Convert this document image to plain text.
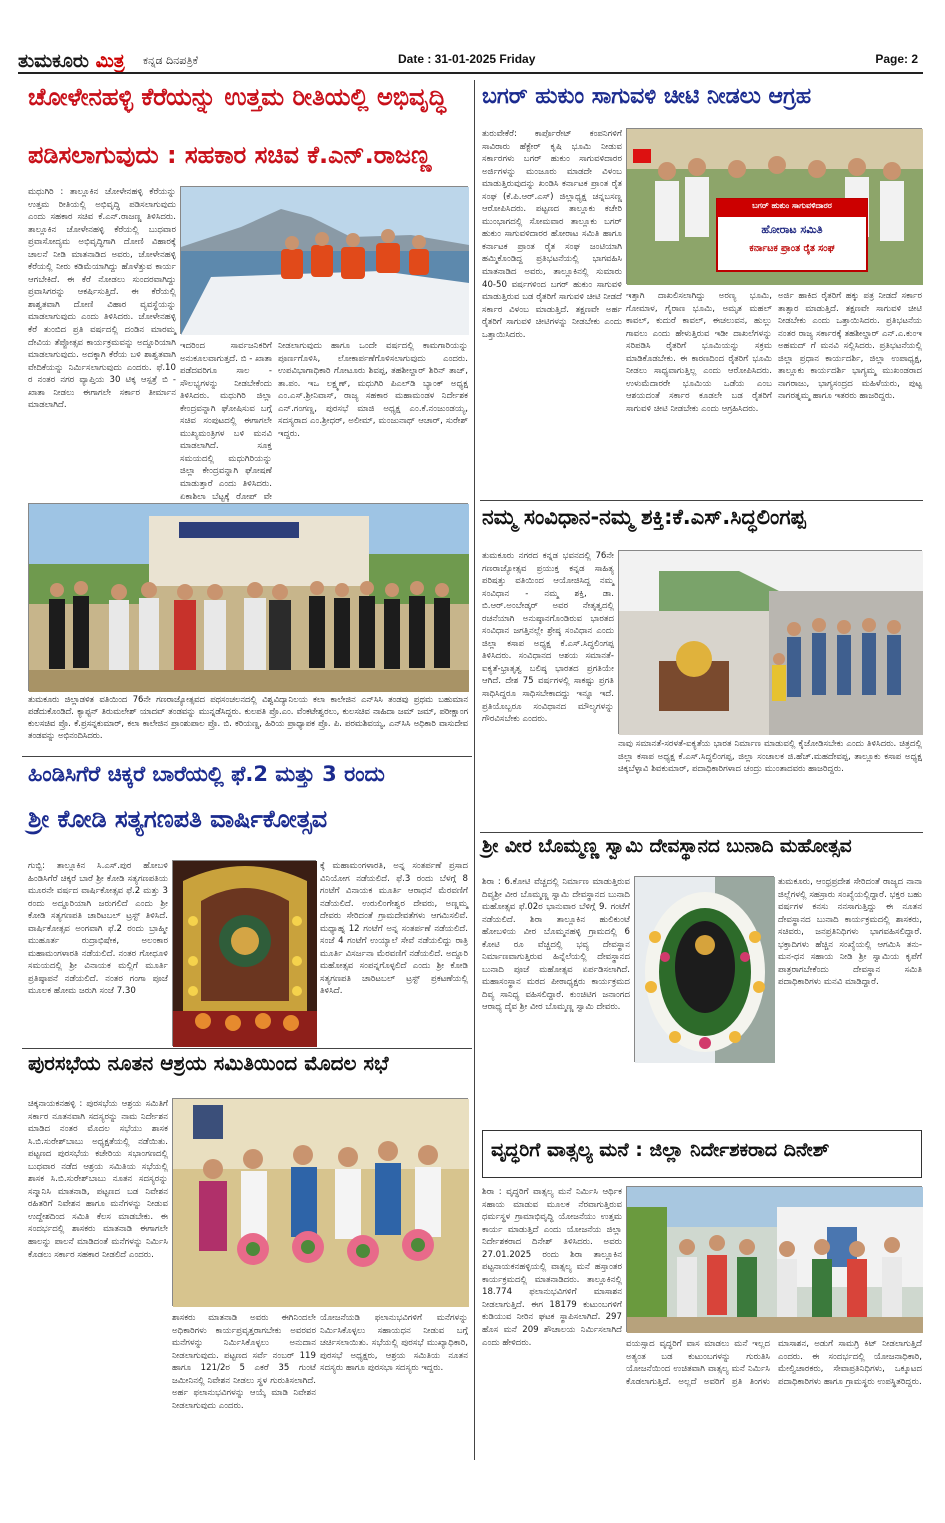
ತುಮಕೂರು ಮಿತ್ರ ಕನ್ನಡ ದಿನಪತ್ರಿಕೆ	Date : 31-01-2025 Friday	Page: 2
ಚೋಳೇನಹಳ್ಳಿ ಕೆರೆಯನ್ನು ಉತ್ತಮ ರೀತಿಯಲ್ಲಿ ಅಭಿವೃದ್ಧಿ
ಪಡಿಸಲಾಗುವುದು : ಸಹಕಾರ ಸಚಿವ ಕೆ.ಎನ್.ರಾಜಣ್ಣ
ಮಧುಗಿರಿ : ತಾಲ್ಲೂಕಿನ ಚೋಳೇನಹಳ್ಳಿ ಕೆರೆಯನ್ನು ಉತ್ತಮ ರೀತಿಯಲ್ಲಿ ಅಭಿವೃದ್ಧಿ ಪಡಿಸಲಾಗುವುದು ಎಂದು ಸಹಕಾರ ಸಚಿವ ಕೆ.ಎನ್.ರಾಜಣ್ಣ ತಿಳಿಸಿದರು. ತಾಲ್ಲೂಕಿನ ಚೋಳೇನಹಳ್ಳಿ ಕೆರೆಯಲ್ಲಿ ಬುಧವಾರ ಪ್ರವಾಸೋದ್ಯಮ ಅಭಿವೃದ್ಧಿಗಾಗಿ ದೋಣಿ ವಿಹಾರಕ್ಕೆ ಚಾಲನೆ ನೀಡಿ ಮಾತನಾಡಿದ ಅವರು, ಚೋಳೇನಹಳ್ಳಿ ಕೆರೆಯಲ್ಲಿ ನೀರು ಕಡಿಮೆಯಾಗಿದ್ದು ಹೊಳೆತ್ತುವ ಕಾರ್ಯ ಆಗಬೇಕಿದೆ. ಈ ಕೆರೆ ನೋಡಲು ಸುಂದರವಾಗಿದ್ದು ಪ್ರವಾಸಿಗರನ್ನು ಆಕರ್ಷಿಸುತ್ತಿದೆ. ಈ ಕೆರೆಯಲ್ಲಿ ಶಾಶ್ವತವಾಗಿ ದೋಣಿ ವಿಹಾರ ವ್ಯವಸ್ಥೆಯನ್ನು ಮಾಡಲಾಗುವುದು ಎಂದು ತಿಳಿಸಿದರು. ಚೋಳೇನಹಳ್ಳಿ ಕೆರೆ ತುಂಬಿದ ಪ್ರತಿ ವರ್ಷದಲ್ಲಿ ದಂಡಿನ ಮಾರಮ್ಮ ದೇವಿಯ ತೆಪ್ಪೋತ್ಸವ ಕಾರ್ಯಕ್ರಮವನ್ನು ಅದ್ದೂರಿಯಾಗಿ ಮಾಡಲಾಗುವುದು. ಅದಕ್ಕಾಗಿ ಕೆರೆಯ ಬಳಿ ಶಾಶ್ವತವಾಗಿ ವೇದಿಕೆಯನ್ನು ನಿರ್ಮಿಸಲಾಗುವುದು ಎಂದರು. ಫೆ.10 ರ ನಂತರ ನಗರ ವ್ಯಾಪ್ತಿಯ 30 ಟಿಕ್ಕ ಆಸ್ಪತ್ರೆ ಬಿ - ಖಾತಾ ನೀಡಲು ಈಗಾಗಲೇ ಸರ್ಕಾರ ತೀರ್ಮಾನ ಮಾಡಲಾಗಿದೆ.
ಇದರಿಂದ ಸಾರ್ವಜನಿಕರಿಗೆ ಅನುಕೂಲವಾಗುತ್ತದೆ. ಬಿ - ಖಾತಾ ಪಡೆದವರಿಗೂ ಸಾಲ - ಸೌಲಭ್ಯಗಳನ್ನು ನೀಡಬೇಕೆಂದು ತಿಳಿಸಿದರು. ಮಧುಗಿರಿ ಜಿಲ್ಲಾ ಕೇಂದ್ರವನ್ನಾಗಿ ಘೋಷಿಸುವ ಬಗ್ಗೆ ಸಚಿವ ಸಂಪುಟದಲ್ಲಿ ಈಗಾಗಲೇ ಮುಖ್ಯಮಂತ್ರಿಗಳ ಬಳಿ ಮನವಿ ಮಾಡಲಾಗಿದೆ. ಸೂಕ್ತ ಸಮಯದಲ್ಲಿ ಮಧುಗಿರಿಯನ್ನು ಜಿಲ್ಲಾ ಕೇಂದ್ರವನ್ನಾಗಿ ಘೋಷಣೆ ಮಾಡುತ್ತಾರೆ ಎಂದು ತಿಳಿಸಿದರು. ಏಕಾಶಿಲಾ ಬೆಟ್ಟಕ್ಕೆ ರೋಪ್ ವೇ
ನೀಡಲಾಗುವುದು ಹಾಗೂ ಒಂದೇ ವರ್ಷದಲ್ಲಿ ಕಾಮಗಾರಿಯನ್ನು ಪೂರ್ಣಗೊಳಿಸಿ, ಲೋಕಾರ್ಪಣೆಗೊಳಿಸಲಾಗುವುದು ಎಂದರು. ಉಪವಿಭಾಗಾಧಿಕಾರಿ ಗೋಟೂರು ಶಿವಪ್ಪ, ತಹಶೀಲ್ದಾರ್ ಶಿರಿನ್ ತಾಜ್, ತಾ.ಪಂ. ಇಒ ಲಕ್ಷ್ಮಣ್, ಮಧುಗಿರಿ ಪಿಎಲ್‌ಡಿ ಬ್ಯಾಂಕ್ ಅಧ್ಯಕ್ಷ ಎಂ.ಎಸ್.ಶ್ರೀನಿವಾಸ್, ರಾಜ್ಯ ಸಹಕಾರ ಮಹಾಮಂಡಳ ನಿರ್ದೇಶಕ ಎನ್.ಗಂಗಣ್ಣ, ಪುರಸಭೆ ಮಾಜಿ ಅಧ್ಯಕ್ಷ ಎಂ.ಕೆ.ನಂಜುಂಡಯ್ಯ, ಸದಸ್ಯರಾದ ಎಂ.ಶ್ರೀಧರ್, ಅಲೀಮ್, ಮಂಜುನಾಥ್ ಆಚಾರ್, ಸುರೇಶ್ ಇದ್ದರು.
ತುಮಕೂರು ಜಿಲ್ಲಾಡಳಿತ ವತಿಯಿಂದ 76ನೇ ಗಣರಾಜ್ಯೋತ್ಸವದ ಪಥಸಂಚಲನದಲ್ಲಿ ವಿಶ್ವವಿದ್ಯಾನಿಲಯ ಕಲಾ ಕಾಲೇಜಿನ ಎನ್‌ಸಿಸಿ ತಂಡವು ಪ್ರಥಮ ಬಹುಮಾನ ಪಡೆದುಕೊಂಡಿದೆ. ಕ್ಯಾಪ್ಟನ್ ತಿರುಮಲೇಶ್ ಯಾದವ್ ತಂಡವನ್ನು ಮುನ್ನಡೆಸಿದ್ದರು. ಕುಲಪತಿ ಪ್ರೊ.ಎಂ. ವೆಂಕಟೇಶ್ವರಲು, ಕುಲಸಚಿವ ನಾಹಿದಾ ಜಮ್ ಜಮ್, ಪರೀಕ್ಷಾಂಗ ಕುಲಸಚಿವ ಪ್ರೊ. ಕೆ.ಪ್ರಸನ್ನಕುಮಾರ್, ಕಲಾ ಕಾಲೇಜಿನ ಪ್ರಾಂಶುಪಾಲ ಪ್ರೊ. ಬಿ. ಕರಿಯಣ್ಣ, ಹಿರಿಯ ಪ್ರಾಧ್ಯಾಪಕ ಪ್ರೊ. ಪಿ. ಪರಮಶಿವಯ್ಯ, ಎನ್‌ಸಿಸಿ ಅಧಿಕಾರಿ ವಾಸುದೇವ ತಂಡವನ್ನು ಅಭಿನಂದಿಸಿದರು.
ಬಗರ್ ಹುಕುಂ ಸಾಗುವಳಿ ಚೀಟಿ ನೀಡಲು ಆಗ್ರಹ
ತುರುವೇಕೆರೆ: ಕಾರ್ಪೊರೇಟ್ ಕಂಪನಿಗಳಿಗೆ ಸಾವಿರಾರು ಹೆಕ್ಟೇರ್ ಕೃಷಿ ಭೂಮಿ ನೀಡುವ ಸರ್ಕಾರಗಳು ಬಗರ್ ಹುಕುಂ ಸಾಗುವಳಿದಾರರ ಅರ್ಜಿಗಳನ್ನು ಮಂಜೂರು ಮಾಡದೇ ವಿಳಂಬ ಮಾಡುತ್ತಿರುವುದನ್ನು ಖಂಡಿಸಿ ಕರ್ನಾಟಕ ಪ್ರಾಂತ ರೈತ ಸಂಘ (ಕೆ.ಪಿ.ಆರ್.ಎಸ್) ಜಿಲ್ಲಾಧ್ಯಕ್ಷ ಚನ್ನಬಸಣ್ಣ ಆರೋಪಿಸಿದರು. ಪಟ್ಟಣದ ತಾಲ್ಲೂಕು ಕಚೇರಿ ಮುಂಭಾಗದಲ್ಲಿ ಸೋಮವಾರ ತಾಲ್ಲೂಕು ಬಗರ್ ಹುಕುಂ ಸಾಗುವಳಿದಾರರ ಹೋರಾಟ ಸಮಿತಿ ಹಾಗೂ ಕರ್ನಾಟಕ ಪ್ರಾಂತ ರೈತ ಸಂಘ ಜಂಟಿಯಾಗಿ ಹಮ್ಮಿಕೊಂಡಿದ್ದ ಪ್ರತಿಭಟನೆಯಲ್ಲಿ ಭಾಗವಹಿಸಿ ಮಾತನಾಡಿದ ಅವರು, ತಾಲ್ಲೂಕಿನಲ್ಲಿ ಸುಮಾರು 40-50 ವರ್ಷಗಳಿಂದ ಬಗರ್ ಹುಕುಂ ಸಾಗುವಳಿ ಮಾಡುತ್ತಿರುವ ಬಡ ರೈತರಿಗೆ ಸಾಗುವಳಿ ಚೀಟಿ ನೀಡದೆ ಸರ್ಕಾರ ವಿಳಂಬ ಮಾಡುತ್ತಿದೆ. ತಕ್ಷಣವೇ ಅರ್ಹ ರೈತರಿಗೆ ಸಾಗುವಳಿ ಚೀಟಿಗಳನ್ನು ನೀಡಬೇಕು ಎಂದು ಒತ್ತಾಯಿಸಿದರು.
ಬಗರ್ ಹುಕುಂ ಸಾಗುವಳಿದಾರರ
ಹೋರಾಟ ಸಮಿತಿ
ಕರ್ನಾಟಕ ಪ್ರಾಂತ ರೈತ ಸಂಘ
ಇತ್ತಾಗಿ ದಾಖಲಿಸಲಾಗಿದ್ದು ಅರಣ್ಯ ಭೂಮಿ, ಗೋಮಾಳ, ಗೈರಾಣ ಭೂಮಿ, ಅಮೃತ ಮಹಲ್ ಕಾವಲ್, ಕುದುರೆ ಕಾವಲ್, ಈಚಲುವನ, ಹುಲ್ಲು ಗಾವಲು ಎಂದು ಹೇಳುತ್ತಿರುವ ಇಡೀ ದಾಖಲೆಗಳನ್ನು ಸರಿಪಡಿಸಿ ರೈತರಿಗೆ ಭೂಮಿಯನ್ನು ಸಕ್ರಮ ಮಾಡಿಕೊಡಬೇಕು. ಈ ಕಾರಣದಿಂದ ರೈತರಿಗೆ ಭೂಮಿ ನೀಡಲು ಸಾಧ್ಯವಾಗುತ್ತಿಲ್ಲ ಎಂದು ಆರೋಪಿಸಿದರು. ಉಳುಮೆದಾರರೇ ಭೂಮಿಯ ಒಡೆಯ ಎಂಬ ಆಶಯದಂತೆ ಸರ್ಕಾರ ಕೂಡಲೇ ಬಡ ರೈತರಿಗೆ ಸಾಗುವಳಿ ಚೀಟಿ ನೀಡಬೇಕು ಎಂದು ಆಗ್ರಹಿಸಿದರು.
ಅರ್ಜಿ ಹಾಕಿದ ರೈತರಿಗೆ ಹಕ್ಕು ಪತ್ರ ನೀಡದೆ ಸರ್ಕಾರ ತಾತ್ಸಾರ ಮಾಡುತ್ತಿದೆ. ತಕ್ಷಣವೇ ಸಾಗುವಳಿ ಚೀಟಿ ನೀಡಬೇಕು ಎಂದು ಒತ್ತಾಯಿಸಿದರು. ಪ್ರತಿಭಟನೆಯ ನಂತರ ರಾಜ್ಯ ಸರ್ಕಾರಕ್ಕೆ ತಹಶೀಲ್ದಾರ್ ಎನ್.ಎ.ಕುಂಇ ಅಹಮದ್ ಗೆ ಮನವಿ ಸಲ್ಲಿಸಿದರು. ಪ್ರತಿಭಟನೆಯಲ್ಲಿ ಜಿಲ್ಲಾ ಪ್ರಧಾನ ಕಾರ್ಯದರ್ಶಿ, ಜಿಲ್ಲಾ ಉಪಾಧ್ಯಕ್ಷ, ತಾಲ್ಲೂಕು ಕಾರ್ಯದರ್ಶಿ ಭಾಗ್ಯಮ್ಮ ಮುಖಂಡರಾದ ನಾಗರಾಜು, ಭಾಗ್ಯಸಂದ್ರದ ಮಹಿಳೆಯರು, ಪುಟ್ಟ ನಾಗರತ್ನಮ್ಮ ಹಾಗೂ ಇತರರು ಹಾಜರಿದ್ದರು.
ನಮ್ಮ ಸಂವಿಧಾನ-ನಮ್ಮ ಶಕ್ತಿ:ಕೆ.ಎಸ್.ಸಿದ್ಧಲಿಂಗಪ್ಪ
ತುಮಕೂರು ನಗರದ ಕನ್ನಡ ಭವನದಲ್ಲಿ 76ನೇ ಗಣರಾಜ್ಯೋತ್ಸವ ಪ್ರಯುಕ್ತ ಕನ್ನಡ ಸಾಹಿತ್ಯ ಪರಿಷತ್ತು ವತಿಯಿಂದ ಆಯೋಜಿಸಿದ್ದ ನಮ್ಮ ಸಂವಿಧಾನ - ನಮ್ಮ ಶಕ್ತಿ, ಡಾ. ಬಿ.ಆರ್.ಅಂಬೇಡ್ಕರ್ ಅವರ ನೇತೃತ್ವದಲ್ಲಿ ರಚನೆಯಾಗಿ ಅನುಷ್ಠಾನಗೊಂಡಿರುವ ಭಾರತದ ಸಂವಿಧಾನ ಜಗತ್ತಿನಲ್ಲೇ ಶ್ರೇಷ್ಠ ಸಂವಿಧಾನ ಎಂದು ಜಿಲ್ಲಾ ಕಸಾಪ ಅಧ್ಯಕ್ಷ ಕೆ.ಎಸ್.ಸಿದ್ಧಲಿಂಗಪ್ಪ ತಿಳಿಸಿದರು. ಸಂವಿಧಾನದ ಆಶಯ ಸಮಾನತೆ-ಐಕ್ಯತೆ-ಭ್ರಾತೃತ್ವ ಬಲಿಷ್ಠ ಭಾರತದ ಪ್ರಗತಿಯೇ ಆಗಿದೆ. ದೇಶ 75 ವರ್ಷಗಳಲ್ಲಿ ಸಾಕಷ್ಟು ಪ್ರಗತಿ ಸಾಧಿಸಿದ್ದರೂ ಸಾಧಿಸಬೇಕಾದದ್ದು ಇನ್ನೂ ಇದೆ. ಪ್ರತಿಯೊಬ್ಬರೂ ಸಂವಿಧಾನದ ಮೌಲ್ಯಗಳನ್ನು ಗೌರವಿಸಬೇಕು ಎಂದರು.
ನಾವು ಸಮಾನತೆ-ಸರಳತೆ-ಐಕ್ಯತೆಯ ಭಾರತ ನಿರ್ಮಾಣ ಮಾಡುವಲ್ಲಿ ಕೈಜೋಡಿಸಬೇಕು ಎಂದು ತಿಳಿಸಿದರು. ಚಿತ್ರದಲ್ಲಿ ಜಿಲ್ಲಾ ಕಸಾಪ ಅಧ್ಯಕ್ಷ ಕೆ.ಎಸ್.ಸಿದ್ಧಲಿಂಗಪ್ಪ, ಜಿಲ್ಲಾ ಸಂಚಾಲಕ ಜಿ.ಹೆಚ್.ಮಹದೇವಪ್ಪ, ತಾಲ್ಲೂಕು ಕಸಾಪ ಅಧ್ಯಕ್ಷ ಚಿಕ್ಕಬೆಳ್ಳಾವಿ ಶಿವಕುಮಾರ್, ಪದಾಧಿಕಾರಿಗಳಾದ ಚಂದ್ರು ಮುಂತಾದವರು ಹಾಜರಿದ್ದರು.
ಹಿಂಡಿಸಿಗೆರೆ ಚಿಕ್ಕರೆ ಬಾರೆಯಲ್ಲಿ ಫೆ.2 ಮತ್ತು 3 ರಂದು
ಶ್ರೀ ಕೋಡಿ ಸತ್ಯಗಣಪತಿ ವಾರ್ಷಿಕೋತ್ಸವ
ಗುಬ್ಬಿ: ತಾಲ್ಲೂಕಿನ ಸಿ.ಎಸ್.ಪುರ ಹೋಬಳಿ ಹಿಂಡಿಸಿಗೆರೆ ಚಿಕ್ಕರೆ ಬಾರೆ ಶ್ರೀ ಕೋಡಿ ಸತ್ಯಗಣಪತಿಯ ಮೂರನೇ ವರ್ಷದ ವಾರ್ಷಿಕೋತ್ಸವ ಫೆ.2 ಮತ್ತು 3 ರಂದು ಅದ್ದೂರಿಯಾಗಿ ಜರುಗಲಿದೆ ಎಂದು ಶ್ರೀ ಕೋಡಿ ಸತ್ಯಗಣಪತಿ ಚಾರಿಟಬಲ್ ಟ್ರಸ್ಟ್ ತಿಳಿಸಿದೆ. ವಾರ್ಷಿಕೋತ್ಸವ ಅಂಗವಾಗಿ ಫೆ.2 ರಂದು ಬ್ರಾಹ್ಮೀ ಮುಹೂರ್ತ ರುದ್ರಾಭಿಷೇಕ, ಅಲಂಕಾರ ಮಹಾಮಂಗಳಾರತಿ ನಡೆಯಲಿದೆ. ನಂತರ ಗೋಧೂಳಿ ಸಮಯದಲ್ಲಿ ಶ್ರೀ ವಿನಾಯಕ ಮಲ್ಲಿಗೆ ಮೂರ್ತಿ ಪ್ರತಿಷ್ಠಾಪನೆ ನಡೆಯಲಿದೆ. ನಂತರ ಗಂಗಾ ಪೂಜೆ ಮೂಲಕ ಹೋಮ ಜರುಗಿ ಸಂಜೆ 7.30
ಕ್ಕೆ ಮಹಾಮಂಗಳಾರತಿ, ಅನ್ನ ಸಂತರ್ಪಣೆ ಪ್ರಸಾದ ವಿನಿಯೋಗ ನಡೆಯಲಿದೆ. ಫೆ.3 ರಂದು ಬೆಳಗ್ಗೆ 8 ಗಂಟೆಗೆ ವಿನಾಯಕ ಮೂರ್ತಿ ಆರಾಧನೆ ಮೆರವಣಿಗೆ ನಡೆಯಲಿದೆ. ಉರುಲಿಂಗೇಶ್ವರ ದೇವರು, ಅಣ್ಣಮ್ಮ ದೇವರು ಸೇರಿದಂತೆ ಗ್ರಾಮದೇವತೆಗಳು ಆಗಮಿಸಲಿವೆ. ಮಧ್ಯಾಹ್ನ 12 ಗಂಟೆಗೆ ಅನ್ನ ಸಂತರ್ಪಣೆ ನಡೆಯಲಿದೆ. ಸಂಜೆ 4 ಗಂಟೆಗೆ ಉಯ್ಯಾಲೆ ಸೇವೆ ನಡೆಯಲಿದ್ದು ರಾತ್ರಿ ಮೂರ್ತಿ ವಿಸರ್ಜನಾ ಮೆರವಣಿಗೆ ನಡೆಯಲಿದೆ. ಅದ್ದೂರಿ ಮಹೋತ್ಸವ ಸಂಪನ್ನಗೊಳ್ಳಲಿದೆ ಎಂದು ಶ್ರೀ ಕೋಡಿ ಸತ್ಯಗಣಪತಿ ಚಾರಿಟಬಲ್ ಟ್ರಸ್ಟ್ ಪ್ರಕಟಣೆಯಲ್ಲಿ ತಿಳಿಸಿದೆ.
ಶ್ರೀ ವೀರ ಬೊಮ್ಮಣ್ಣ ಸ್ವಾಮಿ ದೇವಸ್ಥಾನದ ಬುನಾದಿ ಮಹೋತ್ಸವ
ಶಿರಾ : 6.ಕೋಟಿ ವೆಚ್ಚದಲ್ಲಿ ನಿರ್ಮಾಣ ಮಾಡುತ್ತಿರುವ ದಿವ್ಯಶ್ರೀ ವೀರ ಬೊಮ್ಮಣ್ಣ ಸ್ವಾಮಿ ದೇವಸ್ಥಾನದ ಬುನಾದಿ ಮಹೋತ್ಸವ ಫೆ.02ರ ಭಾನುವಾರ ಬೆಳಿಗ್ಗೆ 9. ಗಂಟೆಗೆ ನಡೆಯಲಿದೆ. ಶಿರಾ ತಾಲ್ಲೂಕಿನ ಹುಲಿಕುಂಟೆ ಹೋಬಳಿಯ ವೀರ ಬೊಮ್ಮನಹಳ್ಳಿ ಗ್ರಾಮದಲ್ಲಿ 6 ಕೋಟಿ ರೂ ವೆಚ್ಚದಲ್ಲಿ ಭವ್ಯ ದೇವಸ್ಥಾನ ನಿರ್ಮಾಣವಾಗುತ್ತಿರುವ ಹಿನ್ನೆಲೆಯಲ್ಲಿ ದೇವಸ್ಥಾನದ ಬುನಾದಿ ಪೂಜೆ ಮಹೋತ್ಸವ ಏರ್ಪಡಿಸಲಾಗಿದೆ. ಮಹಾಸಂಸ್ಥಾನ ಮಠದ ಪೀಠಾಧ್ಯಕ್ಷರು ಕಾರ್ಯಕ್ರಮದ ದಿವ್ಯ ಸಾನಿಧ್ಯ ವಹಿಸಲಿದ್ದಾರೆ. ಕುಂಚಿಟಿಗ ಜನಾಂಗದ ಆರಾಧ್ಯ ದೈವ ಶ್ರೀ ವೀರ ಬೊಮ್ಮಣ್ಣ ಸ್ವಾಮಿ ದೇವರು.
ತುಮಕೂರು, ಆಂಧ್ರಪ್ರದೇಶ ಸೇರಿದಂತೆ ರಾಜ್ಯದ ನಾನಾ ಜಿಲ್ಲೆಗಳಲ್ಲಿ ಸಹಸ್ರಾರು ಸಂಖ್ಯೆಯಲ್ಲಿದ್ದಾರೆ. ಭಕ್ತರ ಬಹು ವರ್ಷಗಳ ಕನಸು ನನಸಾಗುತ್ತಿದ್ದು ಈ ನೂತನ ದೇವಸ್ಥಾನದ ಬುನಾದಿ ಕಾರ್ಯಕ್ರಮದಲ್ಲಿ ಶಾಸಕರು, ಸಚಿವರು, ಜನಪ್ರತಿನಿಧಿಗಳು ಭಾಗವಹಿಸಲಿದ್ದಾರೆ. ಭಕ್ತಾದಿಗಳು ಹೆಚ್ಚಿನ ಸಂಖ್ಯೆಯಲ್ಲಿ ಆಗಮಿಸಿ ತನು-ಮನ-ಧನ ಸಹಾಯ ನೀಡಿ ಶ್ರೀ ಸ್ವಾಮಿಯ ಕೃಪೆಗೆ ಪಾತ್ರರಾಗಬೇಕೆಂದು ದೇವಸ್ಥಾನ ಸಮಿತಿ ಪದಾಧಿಕಾರಿಗಳು ಮನವಿ ಮಾಡಿದ್ದಾರೆ.
ಪುರಸಭೆಯ ನೂತನ ಆಶ್ರಯ ಸಮಿತಿಯಿಂದ ಮೊದಲ ಸಭೆ
ಚಿಕ್ಕನಾಯಕನಹಳ್ಳಿ : ಪುರಸಭೆಯ ಆಶ್ರಯ ಸಮಿತಿಗೆ ಸರ್ಕಾರ ನೂತನವಾಗಿ ಸದಸ್ಯರನ್ನು ನಾಮ ನಿರ್ದೇಶನ ಮಾಡಿದ ನಂತರ ಮೊದಲ ಸಭೆಯು ಶಾಸಕ ಸಿ.ಬಿ.ಸುರೇಶ್‌ಬಾಬು ಅಧ್ಯಕ್ಷತೆಯಲ್ಲಿ ನಡೆಯಿತು. ಪಟ್ಟಣದ ಪುರಸಭೆಯ ಕಚೇರಿಯ ಸಭಾಂಗಣದಲ್ಲಿ ಬುಧವಾರ ನಡೆದ ಆಶ್ರಯ ಸಮಿತಿಯ ಸಭೆಯಲ್ಲಿ ಶಾಸಕ ಸಿ.ಬಿ.ಸುರೇಶ್‌ಬಾಬು ನೂತನ ಸದಸ್ಯರನ್ನು ಸನ್ಮಾನಿಸಿ ಮಾತನಾಡಿ, ಪಟ್ಟಣದ ಬಡ ನಿವೇಶನ ರಹಿತರಿಗೆ ನಿವೇಶನ ಹಾಗೂ ಮನೆಗಳನ್ನು ನೀಡುವ ಉದ್ದೇಶದಿಂದ ಸಮಿತಿ ಕೆಲಸ ಮಾಡಬೇಕು. ಈ ಸಂದರ್ಭದಲ್ಲಿ ಶಾಸಕರು ಮಾತನಾಡಿ ಈಗಾಗಲೇ ಹಾಲನ್ನು ಪಾಲನೆ ಮಾಡಿದಂತೆ ಮನೆಗಳನ್ನು ನಿರ್ಮಿಸಿ ಕೊಡಲು ಸರ್ಕಾರ ಸಹಕಾರ ನೀಡಲಿದೆ ಎಂದರು.
ಶಾಸಕರು ಮಾತನಾಡಿ ಅವರು ಈಗಿನಿಂದಲೇ ಅಧಿಕಾರಿಗಳು ಕಾರ್ಯಪ್ರವೃತ್ತರಾಗಬೇಕು ಅವರವರ ಮನೆಗಳನ್ನು ನಿರ್ಮಿಸಿಕೊಳ್ಳಲು ಅನುದಾನ ನೀಡಲಾಗುವುದು. ಪಟ್ಟಣದ ಸರ್ವೆ ನಂಬರ್ 119 ಹಾಗೂ 121/2ರ 5 ಎಕರೆ 35 ಗುಂಟೆ ಜಮೀನಿನಲ್ಲಿ ನಿವೇಶನ ನೀಡಲು ಸ್ಥಳ ಗುರುತಿಸಲಾಗಿದೆ. ಅರ್ಹ ಫಲಾನುಭವಿಗಳನ್ನು ಆಯ್ಕೆ ಮಾಡಿ ನಿವೇಶನ ನೀಡಲಾಗುವುದು ಎಂದರು.
ಯೋಜನೆಯಡಿ ಫಲಾನುಭವಿಗಳಿಗೆ ಮನೆಗಳನ್ನು ನಿರ್ಮಿಸಿಕೊಳ್ಳಲು ಸಹಾಯಧನ ನೀಡುವ ಬಗ್ಗೆ ಚರ್ಚಿಸಲಾಯಿತು. ಸಭೆಯಲ್ಲಿ ಪುರಸಭೆ ಮುಖ್ಯಾಧಿಕಾರಿ, ಪುರಸಭೆ ಅಧ್ಯಕ್ಷರು, ಆಶ್ರಯ ಸಮಿತಿಯ ನೂತನ ಸದಸ್ಯರು ಹಾಗೂ ಪುರಸಭಾ ಸದಸ್ಯರು ಇದ್ದರು.
ವೃದ್ಧರಿಗೆ ವಾತ್ಸಲ್ಯ ಮನೆ : ಜಿಲ್ಲಾ ನಿರ್ದೇಶಕರಾದ ದಿನೇಶ್
ಶಿರಾ : ವೃದ್ಧರಿಗೆ ವಾತ್ಸಲ್ಯ ಮನೆ ನಿರ್ಮಿಸಿ ಆರ್ಥಿಕ ಸಹಾಯ ಮಾಡುವ ಮೂಲಕ ನೆರವಾಗುತ್ತಿರುವ ಧರ್ಮಸ್ಥಳ ಗ್ರಾಮಾಭಿವೃದ್ಧಿ ಯೋಜನೆಯು ಉತ್ತಮ ಕಾರ್ಯ ಮಾಡುತ್ತಿದೆ ಎಂದು ಯೋಜನೆಯ ಜಿಲ್ಲಾ ನಿರ್ದೇಶಕರಾದ ದಿನೇಶ್ ತಿಳಿಸಿದರು. ಅವರು 27.01.2025 ರಂದು ಶಿರಾ ತಾಲ್ಲೂಕಿನ ಪಟ್ಟನಾಯಕನಹಳ್ಳಿಯಲ್ಲಿ ವಾತ್ಸಲ್ಯ ಮನೆ ಹಸ್ತಾಂತರ ಕಾರ್ಯಕ್ರಮದಲ್ಲಿ ಮಾತನಾಡಿದರು. ತಾಲ್ಲೂಕಿನಲ್ಲಿ 18.774 ಫಲಾನುಭವಿಗಳಿಗೆ ಮಾಸಾಶನ ನೀಡಲಾಗುತ್ತಿದೆ. ಈಗ 18179 ಕುಟುಂಬಗಳಿಗೆ ಕುಡಿಯುವ ನೀರಿನ ಘಟಕ ಸ್ಥಾಪಿಸಲಾಗಿದೆ. 297 ಹೊಸ ಮನೆ 209 ಶೌಚಾಲಯ ನಿರ್ಮಿಸಲಾಗಿದೆ ಎಂದು ಹೇಳಿದರು.	ವಯಸ್ಸಾದ ವೃದ್ಧರಿಗೆ ವಾಸ ಮಾಡಲು ಮನೆ ಇಲ್ಲದ ಅತ್ಯಂತ ಬಡ ಕುಟುಂಬಗಳನ್ನು ಗುರುತಿಸಿ ಯೋಜನೆಯಿಂದ ಉಚಿತವಾಗಿ ವಾತ್ಸಲ್ಯ ಮನೆ ನಿರ್ಮಿಸಿ ಕೊಡಲಾಗುತ್ತಿದೆ. ಅಲ್ಲದೆ ಅವರಿಗೆ ಪ್ರತಿ ತಿಂಗಳು ಮಾಸಾಶನ, ಅಡುಗೆ ಸಾಮಗ್ರಿ ಕಿಟ್ ನೀಡಲಾಗುತ್ತಿದೆ ಎಂದರು. ಈ ಸಂದರ್ಭದಲ್ಲಿ ಯೋಜನಾಧಿಕಾರಿ, ಮೇಲ್ವಿಚಾರಕರು, ಸೇವಾಪ್ರತಿನಿಧಿಗಳು, ಒಕ್ಕೂಟದ ಪದಾಧಿಕಾರಿಗಳು ಹಾಗೂ ಗ್ರಾಮಸ್ಥರು ಉಪಸ್ಥಿತರಿದ್ದರು.
